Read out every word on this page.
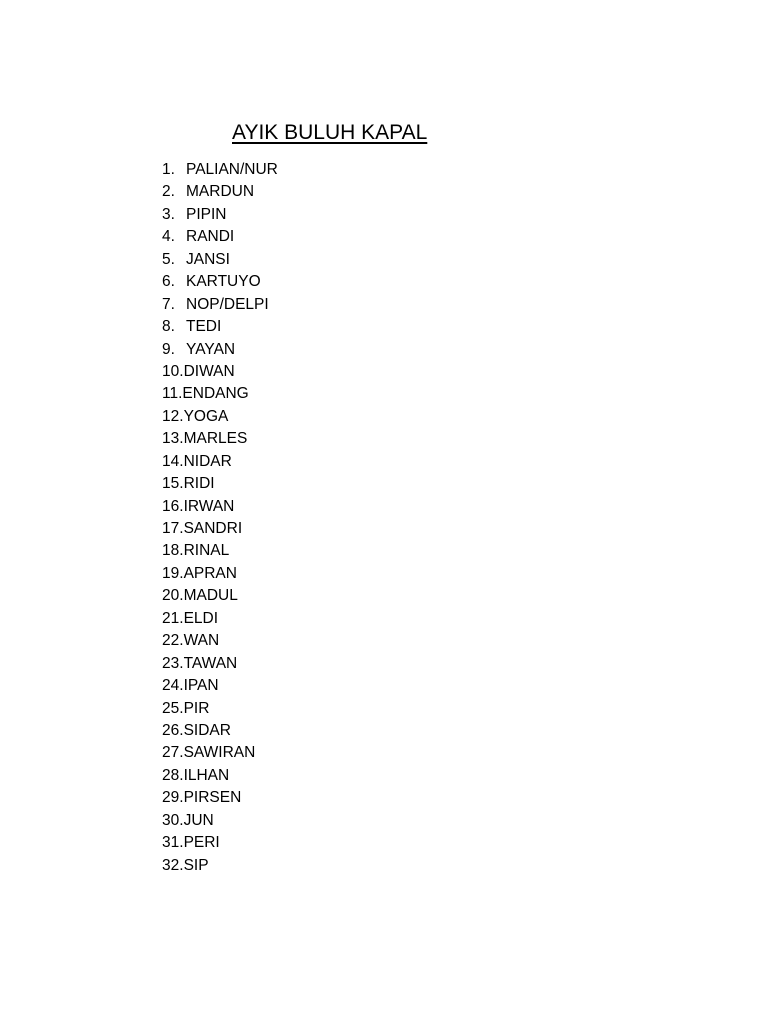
AYIK BULUH KAPAL
1. PALIAN/NUR
2. MARDUN
3. PIPIN
4. RANDI
5. JANSI
6. KARTUYO
7. NOP/DELPI
8. TEDI
9. YAYAN
10. DIWAN
11. ENDANG
12. YOGA
13. MARLES
14. NIDAR
15. RIDI
16. IRWAN
17. SANDRI
18. RINAL
19. APRAN
20. MADUL
21. ELDI
22. WAN
23. TAWAN
24. IPAN
25. PIR
26. SIDAR
27. SAWIRAN
28. ILHAN
29. PIRSEN
30. JUN
31. PERI
32. SIP
